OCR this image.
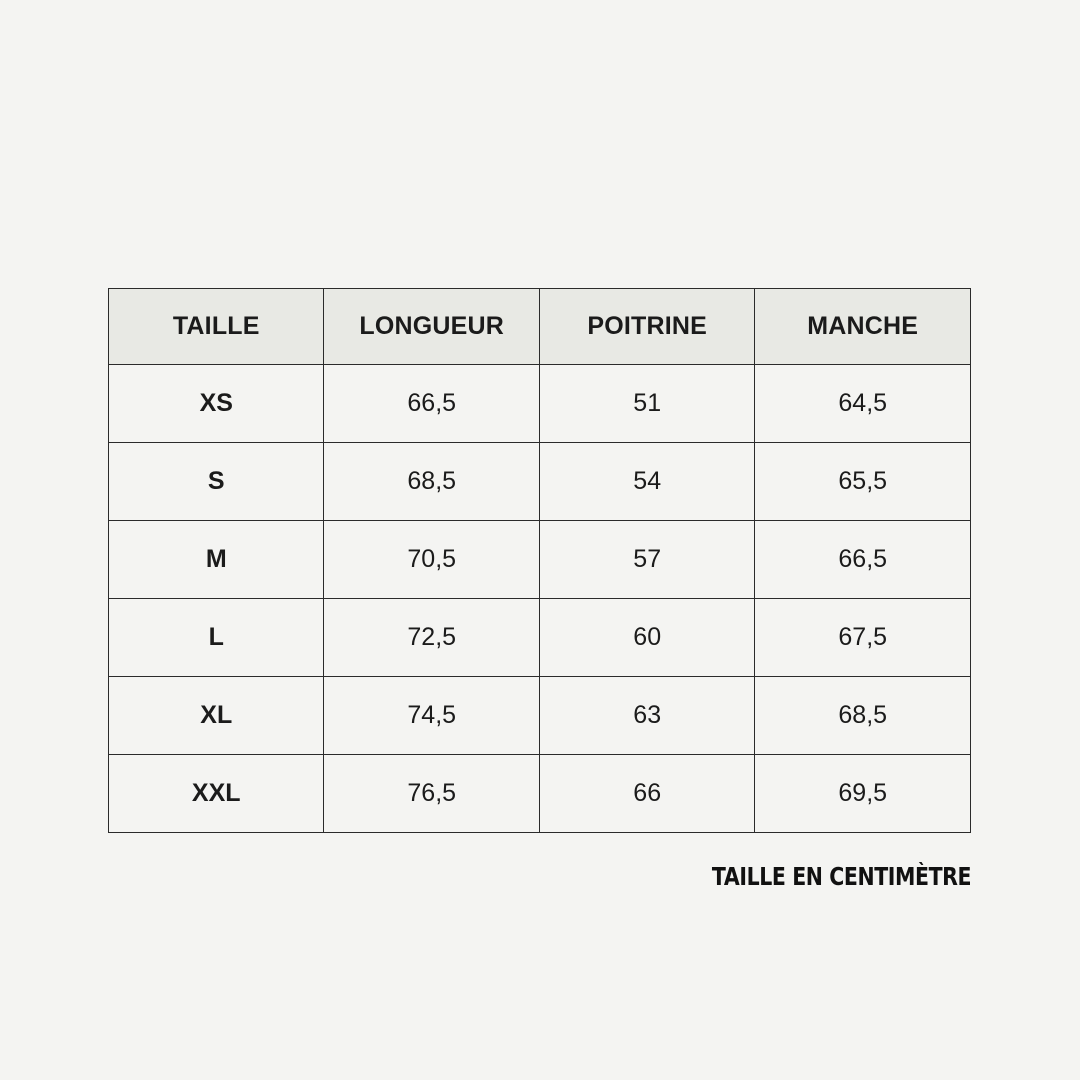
TAILLE	LONGUEUR	POITRINE	MANCHE
XS	66,5	51	64,5
S	68,5	54	65,5
M	70,5	57	66,5
L	72,5	60	67,5
XL	74,5	63	68,5
XXL	76,5	66	69,5
TAILLE EN CENTIMÈTRE
